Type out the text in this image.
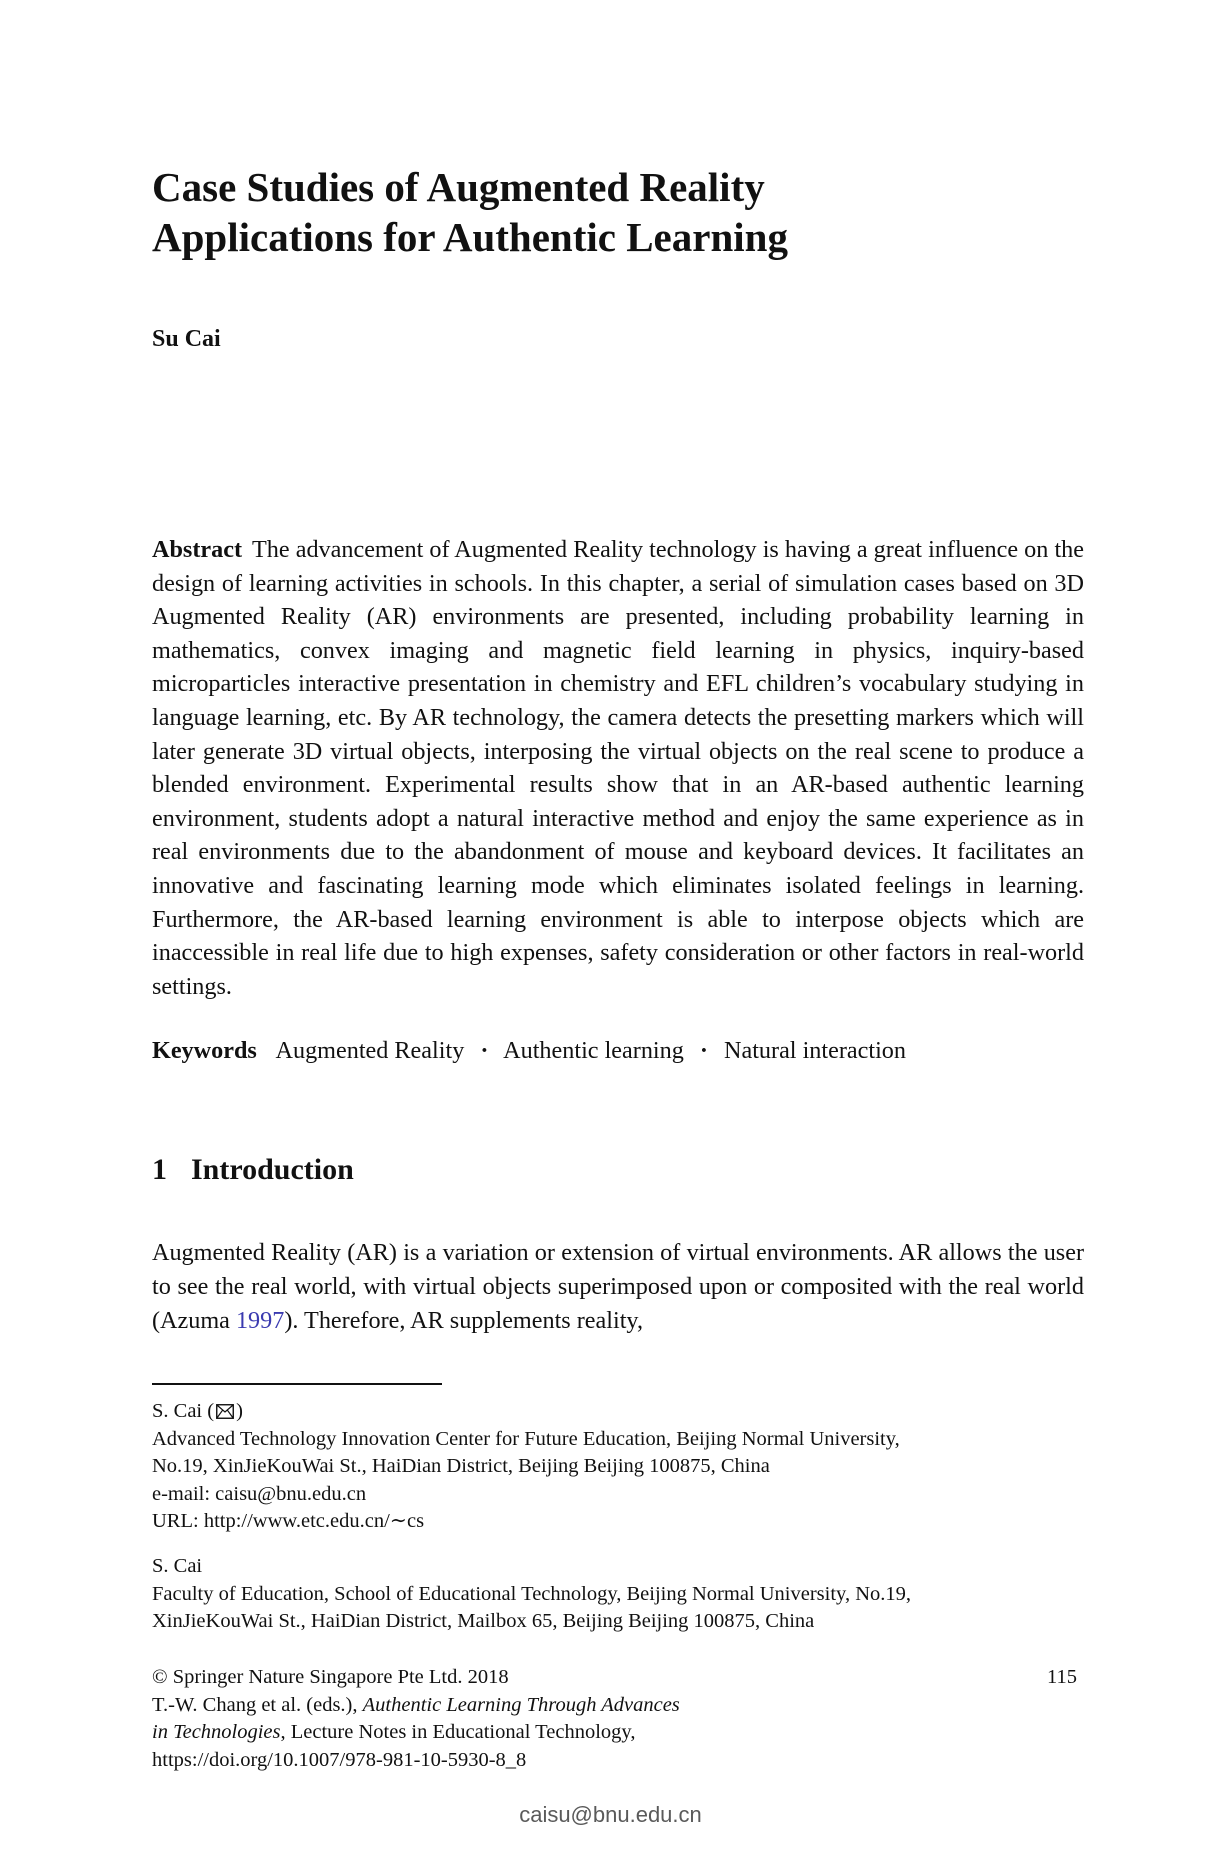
Case Studies of Augmented Reality
Applications for Authentic Learning
Su Cai

Abstract The advancement of Augmented Reality technology is having a great influence on the design of learning activities in schools. In this chapter, a serial of simulation cases based on 3D Augmented Reality (AR) environments are presented, including probability learning in mathematics, convex imaging and magnetic field learning in physics, inquiry-based microparticles interactive presentation in chemistry and EFL children’s vocabulary studying in language learning, etc. By AR technology, the camera detects the presetting markers which will later generate 3D virtual objects, interposing the virtual objects on the real scene to produce a blended environment. Experimental results show that in an AR-based authentic learning environment, students adopt a natural interactive method and enjoy the same experience as in real environments due to the abandonment of mouse and keyboard devices. It facilitates an innovative and fascinating learning mode which eliminates isolated feelings in learning. Furthermore, the AR-based learning environment is able to interpose objects which are inaccessible in real life due to high expenses, safety consideration or other factors in real-world settings.

Keywords Augmented Reality · Authentic learning · Natural interaction
1 Introduction

Augmented Reality (AR) is a variation or extension of virtual environments. AR allows the user to see the real world, with virtual objects superimposed upon or composited with the real world (Azuma 1997). Therefore, AR supplements reality,

S. Cai ( )
Advanced Technology Innovation Center for Future Education, Beijing Normal University,
No.19, XinJieKouWai St., HaiDian District, Beijing Beijing 100875, China
e-mail: caisu@bnu.edu.cn
URL: http://www.etc.edu.cn/∼cs
S. Cai
Faculty of Education, School of Educational Technology, Beijing Normal University, No.19,
XinJieKouWai St., HaiDian District, Mailbox 65, Beijing Beijing 100875, China
© Springer Nature Singapore Pte Ltd. 2018
T.-W. Chang et al. (eds.), Authentic Learning Through Advances
in Technologies, Lecture Notes in Educational Technology,
https://doi.org/10.1007/978-981-10-5930-8_8
115
caisu@bnu.edu.cn
